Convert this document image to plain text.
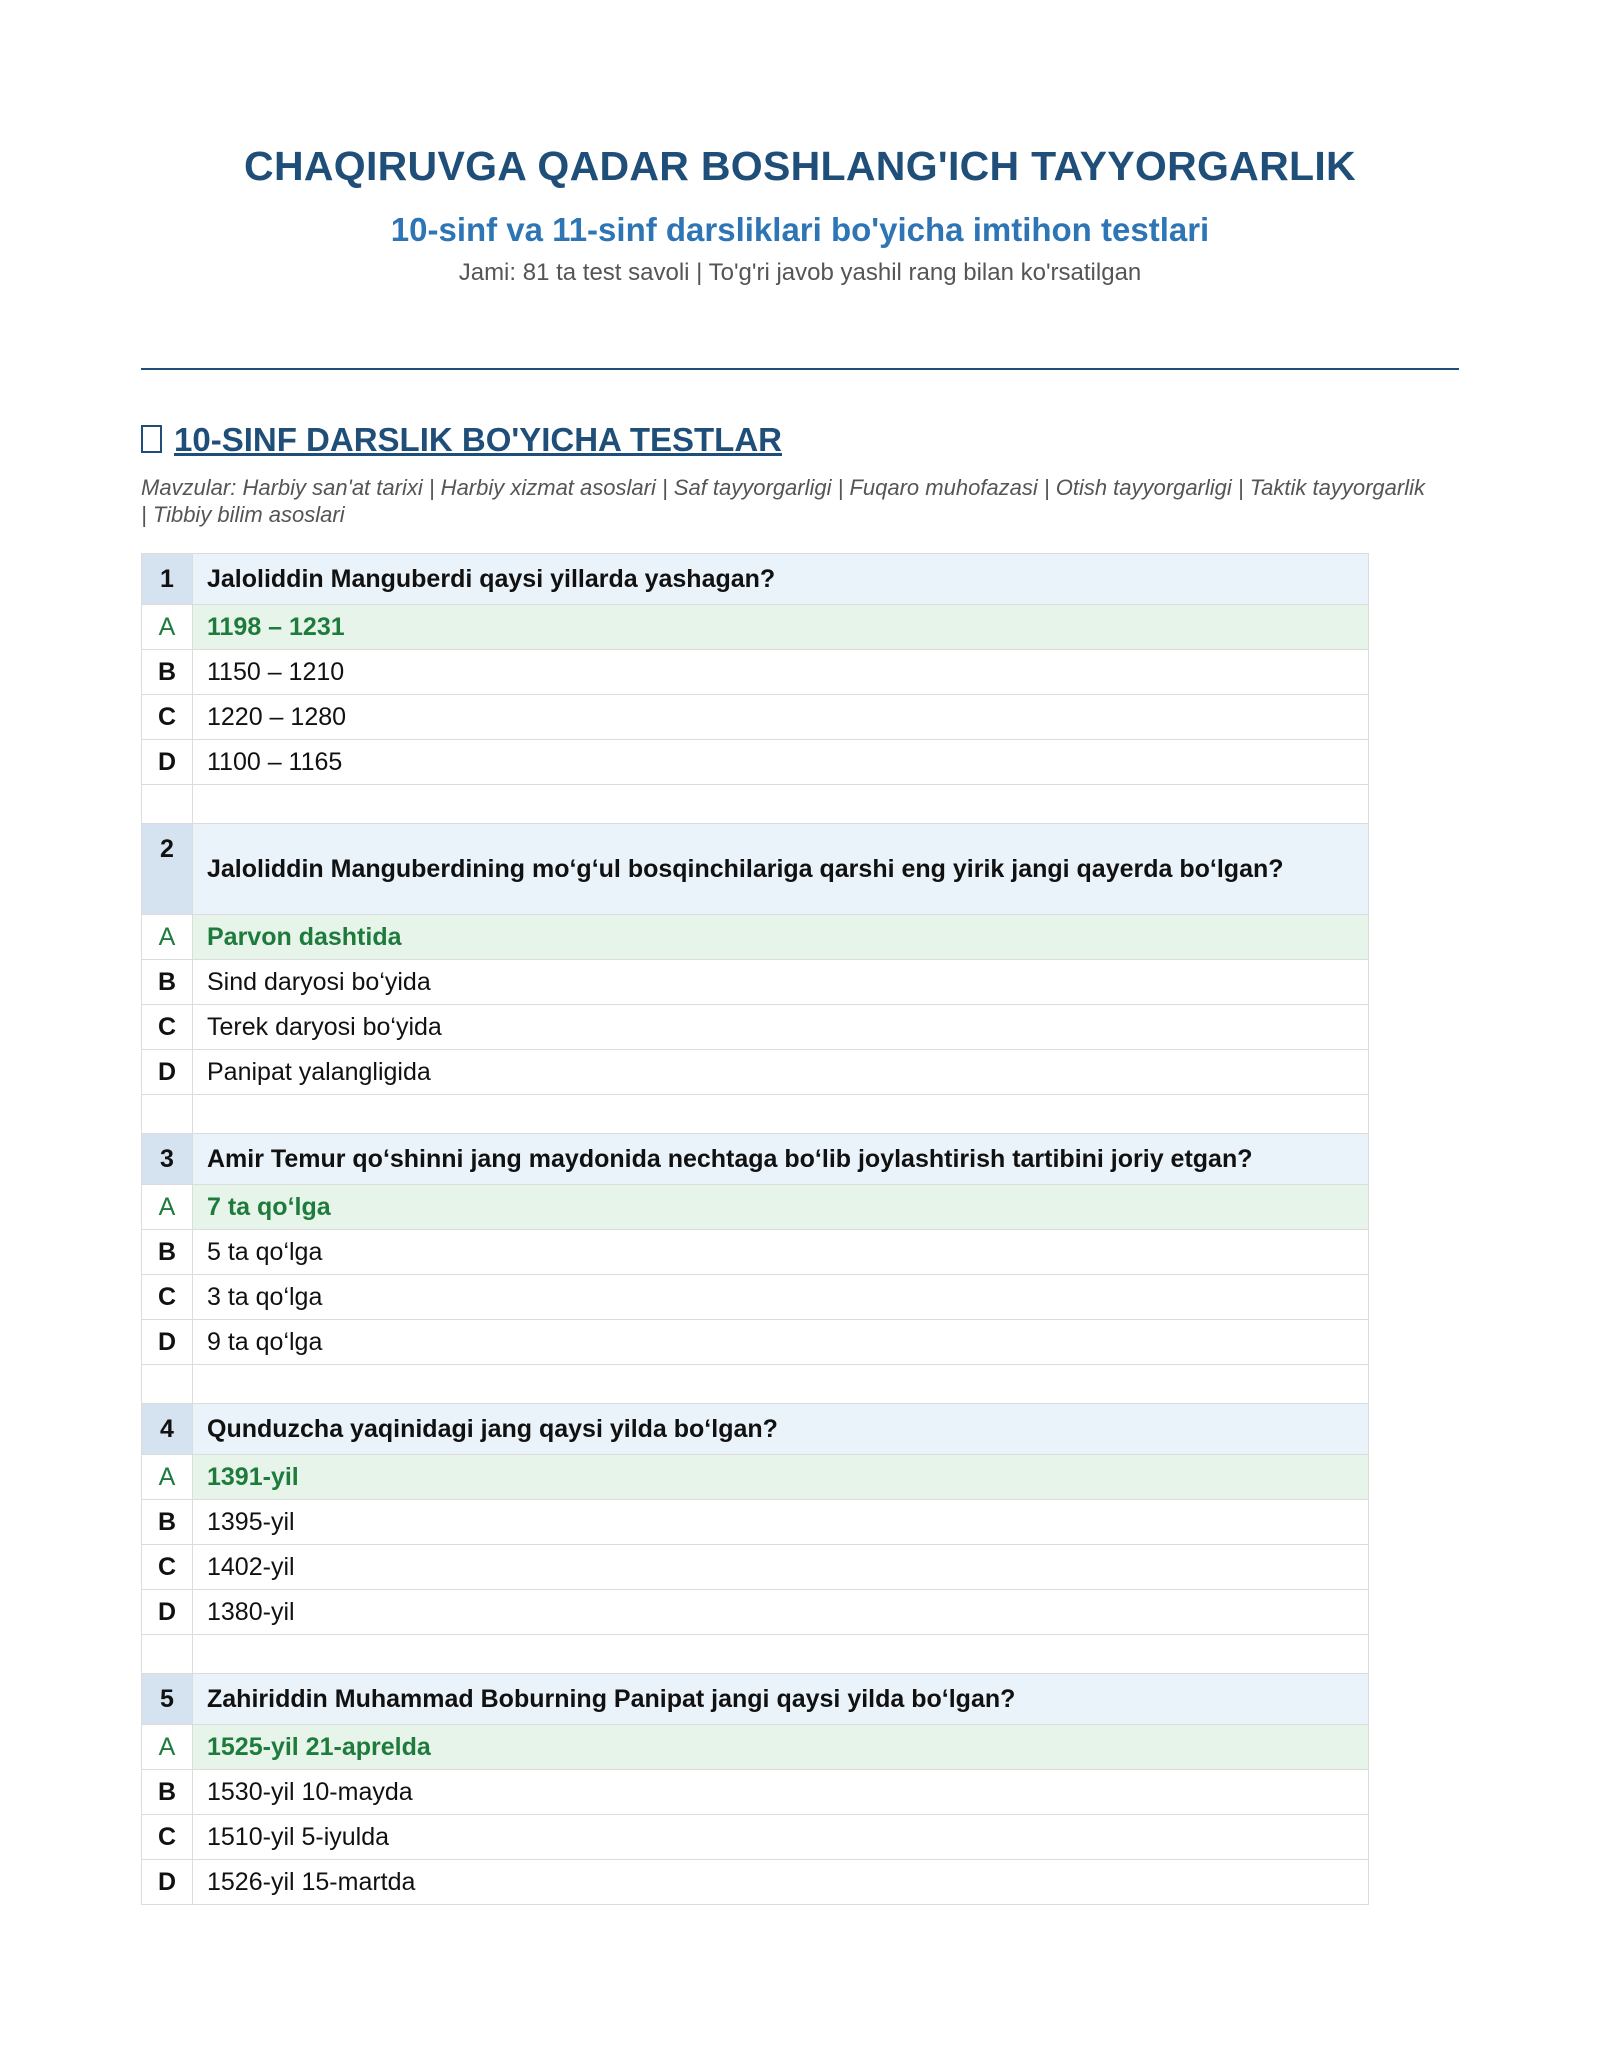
CHAQIRUVGA QADAR BOSHLANG'ICH TAYYORGARLIK
10-sinf va 11-sinf darsliklari bo'yicha imtihon testlari
Jami: 81 ta test savoli | To'g'ri javob yashil rang bilan ko'rsatilgan
10-SINF DARSLIK BO'YICHA TESTLAR
Mavzular: Harbiy san'at tarixi | Harbiy xizmat asoslari | Saf tayyorgarligi | Fuqaro muhofazasi | Otish tayyorgarligi | Taktik tayyorgarlik | Tibbiy bilim asoslari
1	Jaloliddin Manguberdi qaysi yillarda yashagan?
A	1198 – 1231
B	1150 – 1210
C	1220 – 1280
D	1100 – 1165

2	Jaloliddin Manguberdining mo‘g‘ul bosqinchilariga qarshi eng yirik jangi qayerda bo‘lgan?
A	Parvon dashtida
B	Sind daryosi bo‘yida
C	Terek daryosi bo‘yida
D	Panipat yalangligida

3	Amir Temur qo‘shinni jang maydonida nechtaga bo‘lib joylashtirish tartibini joriy etgan?
A	7 ta qo‘lga
B	5 ta qo‘lga
C	3 ta qo‘lga
D	9 ta qo‘lga

4	Qunduzcha yaqinidagi jang qaysi yilda bo‘lgan?
A	1391-yil
B	1395-yil
C	1402-yil
D	1380-yil

5	Zahiriddin Muhammad Boburning Panipat jangi qaysi yilda bo‘lgan?
A	1525-yil 21-aprelda
B	1530-yil 10-mayda
C	1510-yil 5-iyulda
D	1526-yil 15-martda
